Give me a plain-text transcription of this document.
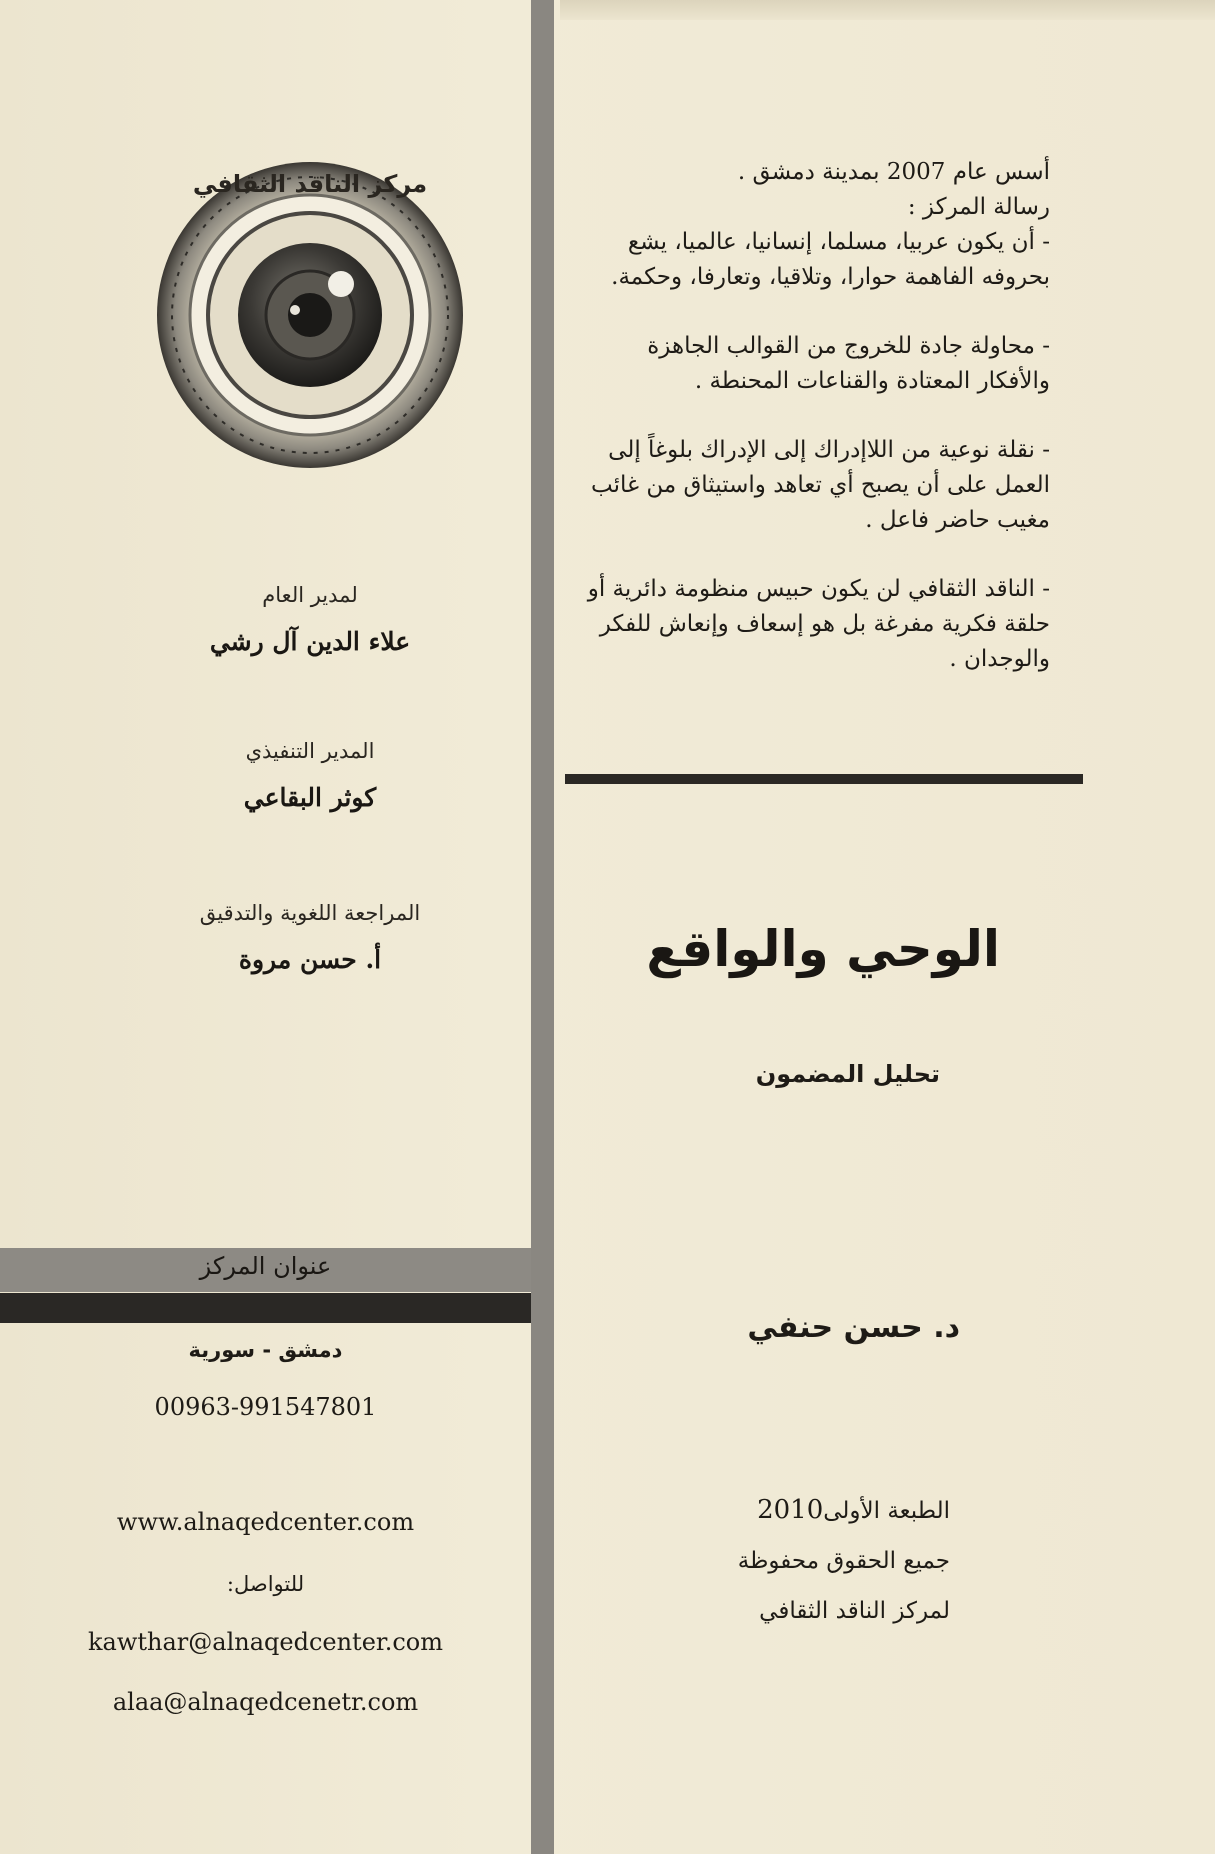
مركز الناقد الثقافي
لمدير العام
علاء الدين آل رشي
المدير التنفيذي
كوثر البقاعي
المراجعة اللغوية والتدقيق
أ. حسن مروة
عنوان المركز
دمشق - سورية
00963-991547801
www.alnaqedcenter.com
للتواصل:
kawthar@alnaqedcenter.com
alaa@alnaqedcenetr.com
أسس عام 2007 بمدينة دمشق .
رسالة المركز :
- أن يكون عربيا، مسلما، إنسانيا، عالميا، يشع
بحروفه الفاهمة حوارا، وتلاقيا، وتعارفا، وحكمة.
- محاولة جادة للخروج من القوالب الجاهزة
والأفكار المعتادة والقناعات المحنطة .
- نقلة نوعية من اللاإدراك إلى الإدراك بلوغاً إلى
العمل على أن يصبح أي تعاهد واستيثاق من غائب
مغيب حاضر فاعل .
- الناقد الثقافي لن يكون حبيس منظومة دائرية أو
حلقة فكرية مفرغة بل هو إسعاف وإنعاش للفكر
والوجدان .
الوحي والواقع
تحليل المضمون
د. حسن حنفي
الطبعة الأولى2010
جميع الحقوق محفوظة
لمركز الناقد الثقافي
